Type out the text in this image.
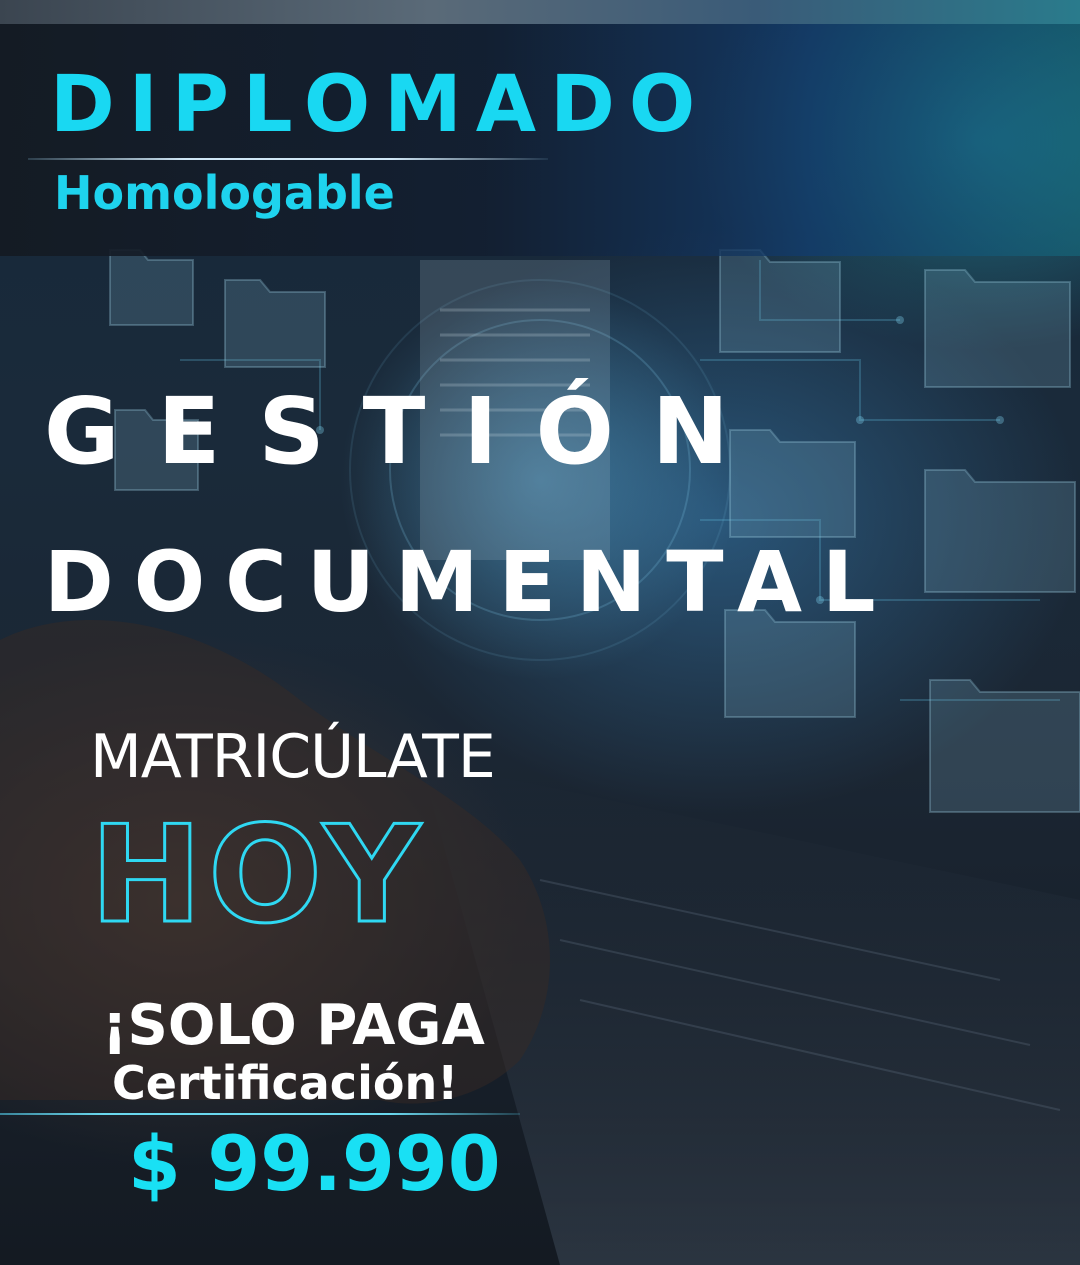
DIPLOMADO
Homologable
GESTIÓN
DOCUMENTAL
MATRICÚLATE
HOY
¡SOLO PAGA
Certificación!
$ 99.990
